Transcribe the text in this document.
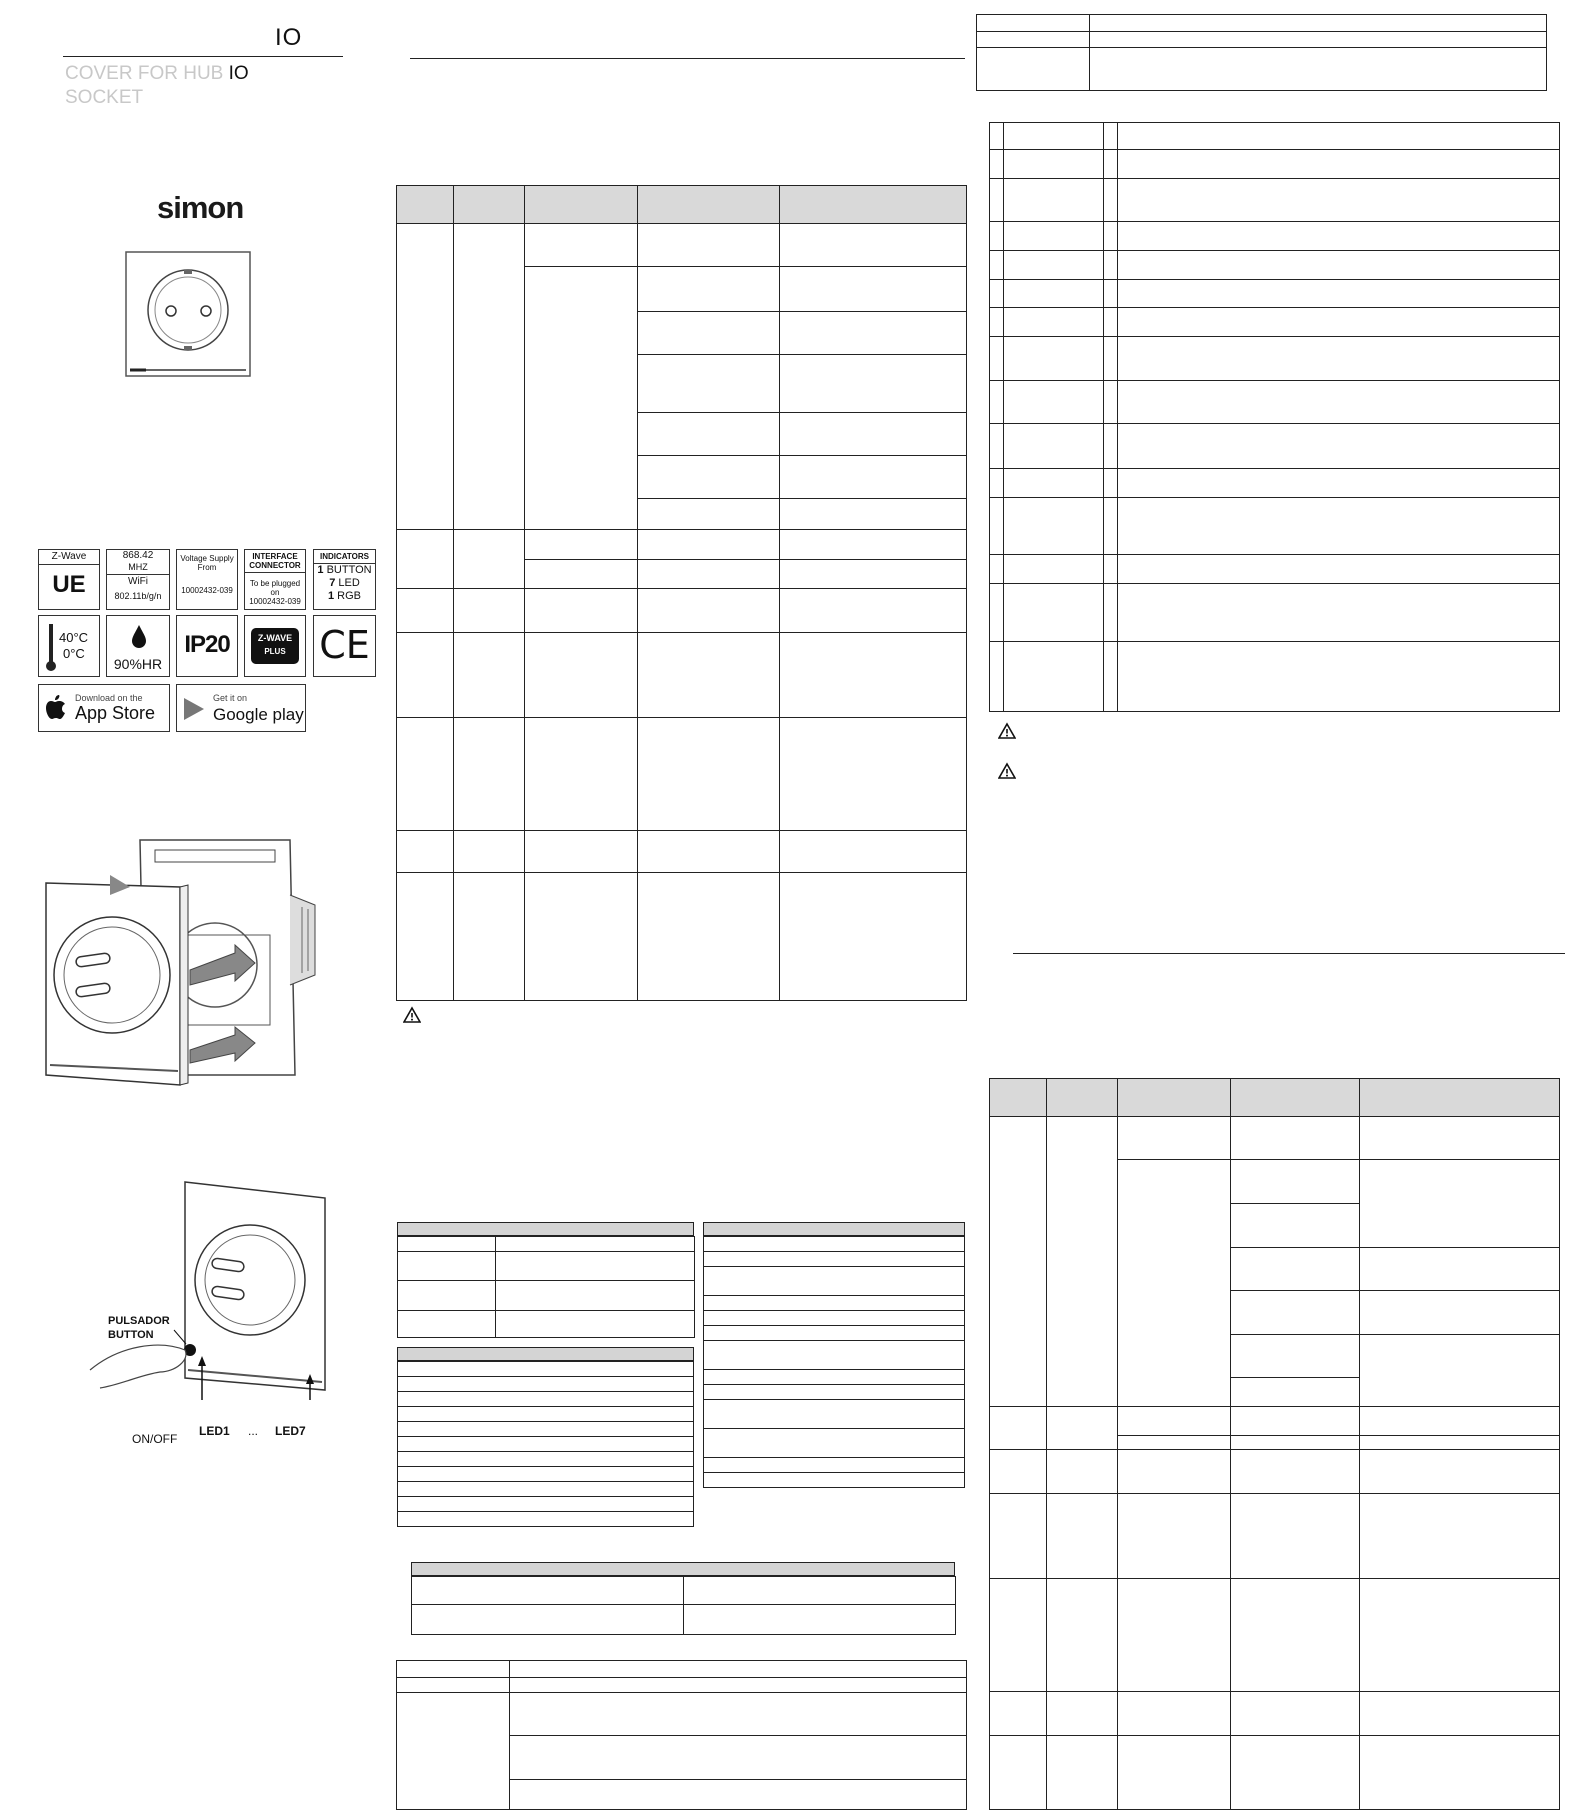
IO
COVER FOR HUB IO
SOCKET
simon
Z-Wave
UE
868.42
MHZ
WiFi
802.11b/g/n
Voltage Supply
From
10002432-039
INTERFACE
CONNECTOR
To be plugged on
10002432-039
INDICATORS
1 BUTTON
7 LED
1 RGB
40°C
0°C
90%HR
IP20	Z-WAVE
PLUS CE
Download on the
App Store
Get it on
Google play
PULSADOR
BUTTON
ON/OFF
LED1 ... LED7
